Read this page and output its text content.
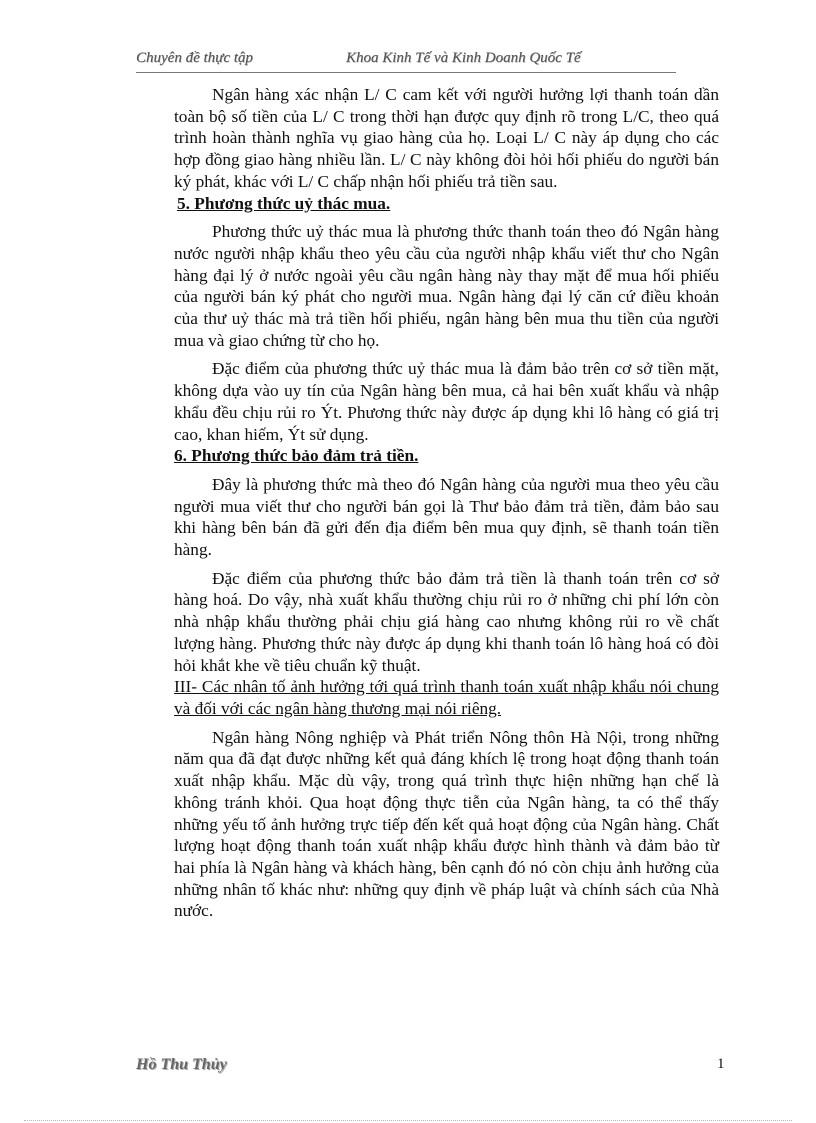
Chuyên đề thực tập	Khoa Kinh Tế và Kinh Doanh Quốc Tế

Ngân hàng xác nhận L/ C cam kết với người hưởng lợi thanh toán dần toàn bộ số tiền của L/ C trong thời hạn được quy định rõ trong L/C, theo quá trình hoàn thành nghĩa vụ giao hàng của họ. Loại L/ C này áp dụng cho các hợp đồng giao hàng nhiều lần. L/ C này không đòi hỏi hối phiếu do người bán ký phát, khác với L/ C chấp nhận hối phiếu trả tiền sau.

5. Phương thức uỷ thác mua.

Phương thức uỷ thác mua là phương thức thanh toán theo đó Ngân hàng nước người nhập khẩu theo yêu cầu của người nhập khẩu viết thư cho Ngân hàng đại lý ở nước ngoài yêu cầu ngân hàng này thay mặt để mua hối phiếu của người bán ký phát cho người mua. Ngân hàng đại lý căn cứ điều khoản của thư uỷ thác mà trả tiền hối phiếu, ngân hàng bên mua thu tiền của người mua và giao chứng từ cho họ.

Đặc điểm của phương thức uỷ thác mua là đảm bảo trên cơ sở tiền mặt, không dựa vào uy tín của Ngân hàng bên mua, cả hai bên xuất khẩu và nhập khẩu đều chịu rủi ro Ýt. Phương thức này được áp dụng khi lô hàng có giá trị cao, khan hiếm, Ýt sử dụng.

6. Phương thức bảo đảm trả tiền.

Đây là phương thức mà theo đó Ngân hàng của người mua theo yêu cầu người mua viết thư cho người bán gọi là Thư bảo đảm trả tiền, đảm bảo sau khi hàng bên bán đã gửi đến địa điểm bên mua quy định, sẽ thanh toán tiền hàng.

Đặc điểm của phương thức bảo đảm trả tiền là thanh toán trên cơ sở hàng hoá. Do vậy, nhà xuất khẩu thường chịu rủi ro ở những chi phí lớn còn nhà nhập khẩu thường phải chịu giá hàng cao nhưng không rủi ro về chất lượng hàng. Phương thức này được áp dụng khi thanh toán lô hàng hoá có đòi hỏi khắt khe về tiêu chuẩn kỹ thuật.

III- Các nhân tố ảnh hưởng tới quá trình thanh toán xuất nhập khẩu nói chung và đối với các ngân hàng thương mại nói riêng.

Ngân hàng Nông nghiệp và Phát triển Nông thôn Hà Nội, trong những năm qua đã đạt được những kết quả đáng khích lệ trong hoạt động thanh toán xuất nhập khẩu. Mặc dù vậy, trong quá trình thực hiện những hạn chế là không tránh khỏi. Qua hoạt động thực tiễn của Ngân hàng, ta có thể thấy những yếu tố ảnh hưởng trực tiếp đến kết quả hoạt động của Ngân hàng. Chất lượng hoạt động thanh toán xuất nhập khẩu được hình thành và đảm bảo từ hai phía là Ngân hàng và khách hàng, bên cạnh đó nó còn chịu ảnh hưởng của những nhân tố khác như: những quy định về pháp luật và chính sách của Nhà nước.

Hồ Thu Thủy	1
